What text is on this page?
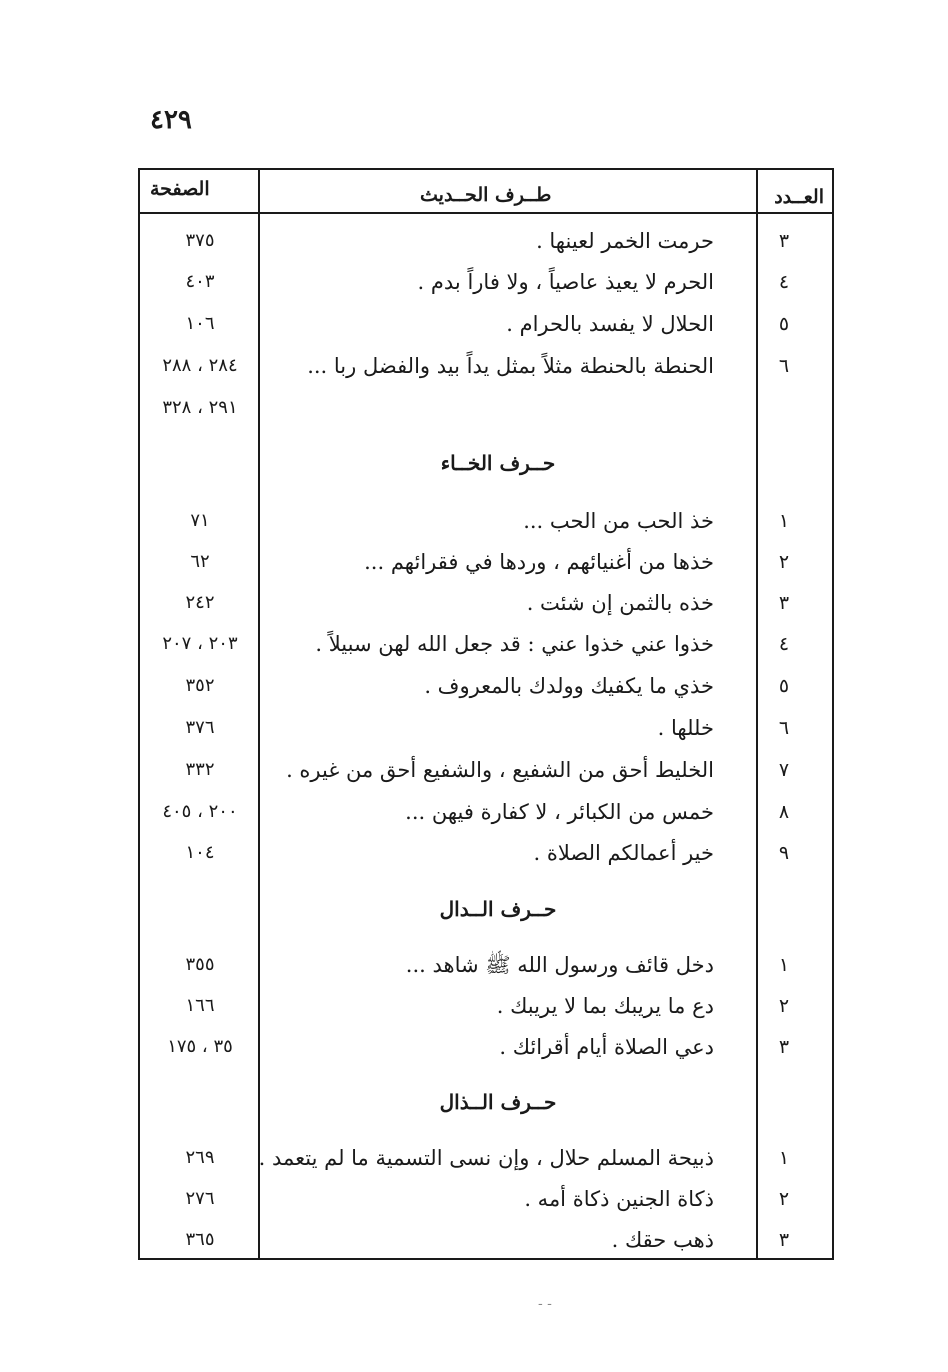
٤٢٩
الصفحة	طــرف الحــديث	العــدد
٣
حرمت الخمر لعينها .
٣٧٥
٤
الحرم لا يعيذ عاصياً ، ولا فاراً بدم .
٤٠٣
٥
الحلال لا يفسد بالحرام .
١٠٦
٦
الحنطة بالحنطة مثلاً بمثل يداً بيد والفضل ربا ...
٢٨٤ ، ٢٨٨
٢٩١ ، ٣٢٨
حــرف الخــاء
١
خذ الحب من الحب ...
٧١
٢
خذها من أغنيائهم ، وردها في فقرائهم ...
٦٢
٣
خذه بالثمن إن شئت .
٢٤٢
٤
خذوا عني خذوا عني : قد جعل الله لهن سبيلاً .
٢٠٣ ، ٢٠٧
٥
خذي ما يكفيك وولدك بالمعروف .
٣٥٢
٦
خللها .
٣٧٦
٧
الخليط أحق من الشفيع ، والشفيع أحق من غيره .
٣٣٢
٨
خمس من الكبائر ، لا كفارة فيهن ...
٢٠٠ ، ٤٠٥
٩
خير أعمالكم الصلاة .
١٠٤
حــرف الــدال
١
دخل قائف ورسول الله ﷺ شاهد ...
٣٥٥
٢
دع ما يريبك بما لا يريبك .
١٦٦
٣
دعي الصلاة أيام أقرائك .
٣٥ ، ١٧٥
حــرف الــذال
١
ذبيحة المسلم حلال ، وإن نسى التسمية ما لم يتعمد .
٢٦٩
٢
ذكاة الجنين ذكاة أمه .
٢٧٦
٣
ذهب حقك .
٣٦٥
- -
